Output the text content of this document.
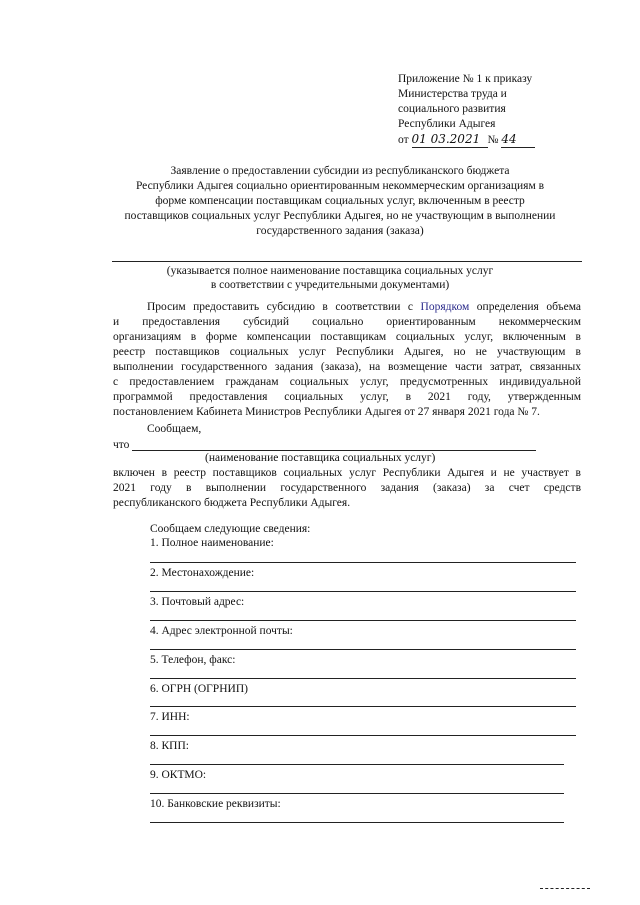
Приложение № 1 к приказу
Министерства труда и
социального развития
Республики Адыгея
от 01 03.2021 № 44
Заявление о предоставлении субсидии из республиканского бюджета
Республики Адыгея социально ориентированным некоммерческим организациям в
форме компенсации поставщикам социальных услуг, включенным в реестр
поставщиков социальных услуг Республики Адыгея, но не участвующим в выполнении
государственного задания (заказа)
(указывается полное наименование поставщика социальных услуг
в соответствии с учредительными документами)
Просим предоставить субсидию в соответствии с Порядком определения объема
и предоставления субсидий социально ориентированным некоммерческим
организациям в форме компенсации поставщикам социальных услуг, включенным в
реестр поставщиков социальных услуг Республики Адыгея, но не участвующим в
выполнении государственного задания (заказа), на возмещение части затрат, связанных
с предоставлением гражданам социальных услуг, предусмотренных индивидуальной
программой предоставления социальных услуг, в 2021 году, утвержденным
постановлением Кабинета Министров Республики Адыгея от 27 января 2021 года № 7.
Сообщаем,
что
(наименование поставщика социальных услуг)
включен в реестр поставщиков социальных услуг Республики Адыгея и не участвует в
2021 году в выполнении государственного задания (заказа) за счет средств
республиканского бюджета Республики Адыгея.
Сообщаем следующие сведения:
1. Полное наименование:
2. Местонахождение:
3. Почтовый адрес:
4. Адрес электронной почты:
5. Телефон, факс:
6. ОГРН (ОГРНИП)
7. ИНН:
8. КПП:
9. ОКТМО:
10. Банковские реквизиты:
